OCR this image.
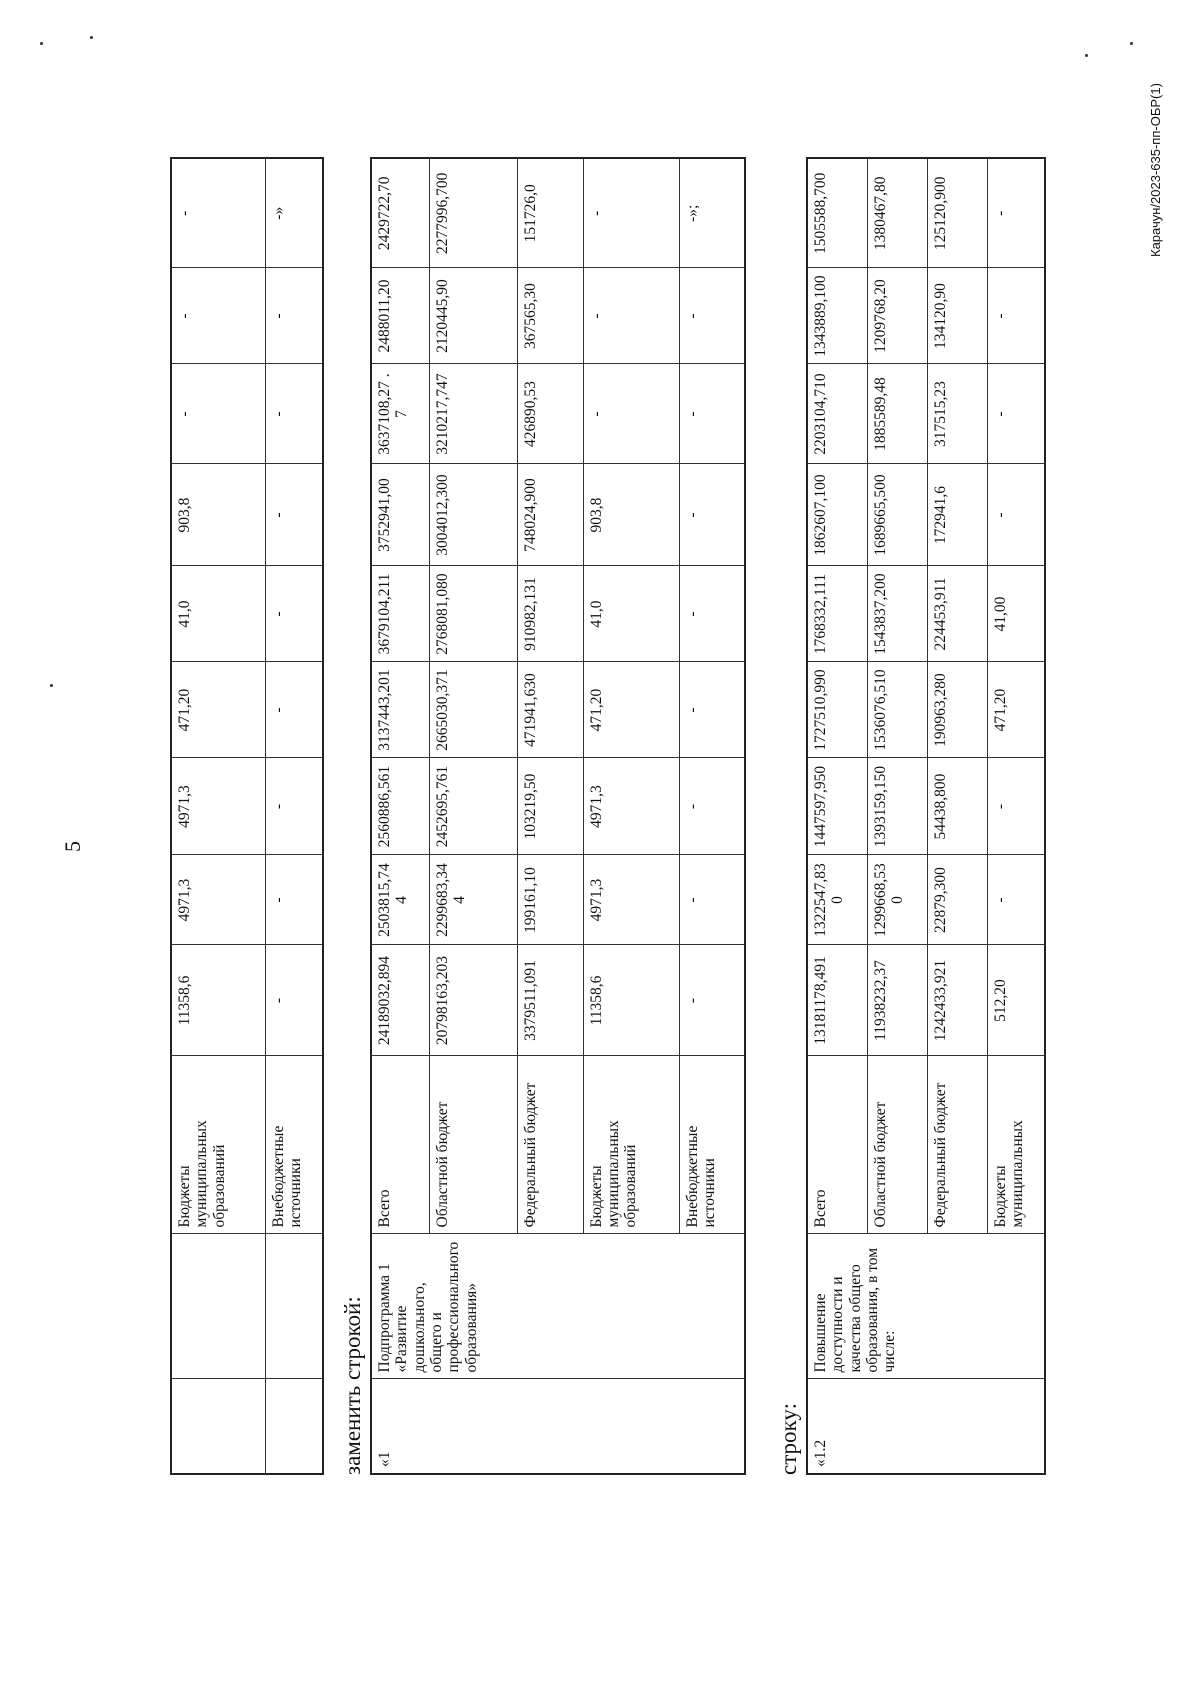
5
Карачун/2023-635-пп-ОБР(1)
		Бюджеты муниципальных образований	11358,6	4971,3	4971,3	471,20	41,0	903,8	-	-	-
		Внебюджетные источники	-	-	-	-	-	-	-	-	-»
заменить строкой: «1	Подпрограмма 1 «Развитие дошкольного, общего и профессионального образования»	Всего	24189032,894	2503815,744	2560886,561	3137443,201	3679104,211	3752941,00	3637108,27 . 7	2488011,20	2429722,70
		Областной бюджет	20798163,203	2299683,344	2452695,761	2665030,371	2768081,080	3004012,300	3210217,747	2120445,90	2277996,700
		Федеральный бюджет	3379511,091	199161,10	103219,50	471941,630	910982,131	748024,900	426890,53	367565,30	151726,0
		Бюджеты муниципальных образований	11358,6	4971,3	4971,3	471,20	41,0	903,8	-	-	-
		Внебюджетные источники	-	-	-	-	-	-	-	-	-»;
строку: «1.2	Повышение доступности и качества общего образования, в том числе:	Всего	13181178,491	1322547,830	1447597,950	1727510,990	1768332,111	1862607,100	2203104,710	1343889,100	1505588,700
		Областной бюджет	11938232,37	1299668,530	1393159,150	1536076,510	1543837,200	1689665,500	1885589,48	1209768,20	1380467,80
		Федеральный бюджет	1242433,921	22879,300	54438,800	190963,280	224453,911	172941,6	317515,23	134120,90	125120,900
		Бюджеты муниципальных	512,20	-	-	471,20	41,00	-	-	-	-
